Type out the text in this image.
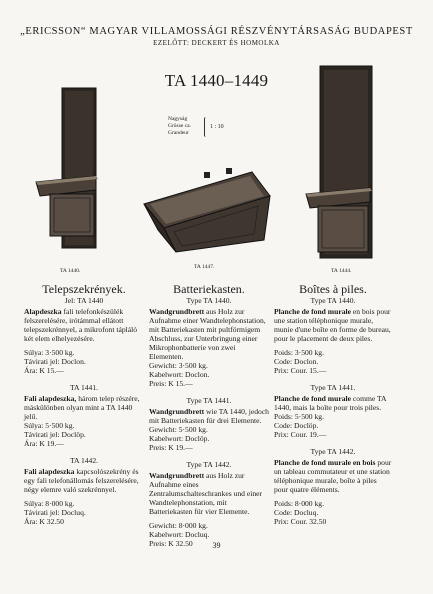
„ERICSSON“ MAGYAR VILLAMOSSÁGI RÉSZVÉNYTÁRSASÁG BUDAPEST
EZELŐTT: DECKERT ÉS HOMOLKA
TA 1440–1449
Nagyság
Grösse ca.
Grandeur
1 : 10
TA 1440.
TA 1447.
TA 1444.
Telepszekrények.
Jel: TA 1440
Alapdeszka fali telefonkészülék felszerelésére, irótámmal ellátott telepszekrénnyel, a mikrofont tápláló két elem elhelyezésére.
Súlya: 3·500 kg.
Távirati jel: Doclon.
Ára: K 15.—
TA 1441.
Fali alapdeszka, három telep részére, máskülönben olyan mint a TA 1440 jelű.
Súlya: 5·500 kg.
Távirati jel: Doclöp.
Ára: K 19.—
TA 1442.
Fali alapdeszka kapcsolószekrény és egy fali telefonállomás felszerelésére, négy elemre való szekrénnyel.
Súlya: 8·000 kg.
Távirati jel: Docluq.
Ára: K 32.50
Batteriekasten.
Type TA 1440.
Wandgrundbrett aus Holz zur Aufnahme einer Wandtelephonstation, mit Batteriekasten mit pultförmigem Abschluss, zur Unterbringung einer Mikrophonbatterie von zwei Elementen.
Gewicht: 3·500 kg.
Kabelwort: Doclon.
Preis: K 15.—
Type TA 1441.
Wandgrundbrett wie TA 1440, jedoch mit Batteriekasten für drei Elemente.
Gewicht: 5·500 kg.
Kabelwort: Doclöp.
Preis: K 19.—
Type TA 1442.
Wandgrundbrett aus Holz zur Aufnahme eines Zentralumschalteschrankes und einer Wandtelephonstation, mit Batteriekasten für vier Elemente.
Gewicht: 8·000 kg.
Kabelwort: Docluq.
Preis: K 32.50
Boîtes à piles.
Type TA 1440.
Planche de fond murale en bois pour une station téléphonique murale, munie d'une boîte en forme de bureau, pour le placement de deux piles.
Poids: 3·500 kg.
Code: Doclon.
Prix: Cour. 15.—
Type TA 1441.
Planche de fond murale comme TA 1440, mais la boîte pour trois piles.
Poids: 5·500 kg.
Code: Doclöp.
Prix: Cour. 19.—
Type TA 1442.
Planche de fond murale en bois pour un tableau commutateur et une station téléphonique murale, boîte à piles pour quatre éléments.
Poids: 8·000 kg.
Code: Docluq.
Prix: Cour. 32.50
39
